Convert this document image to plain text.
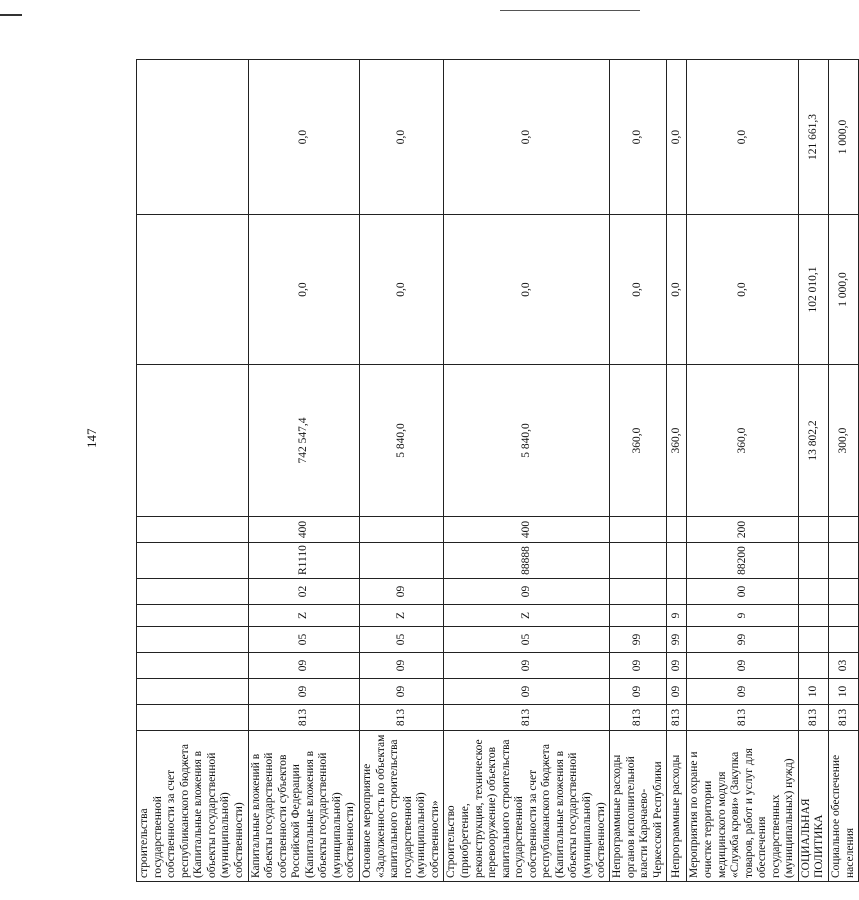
147
строительства государственной собственности за счет республиканского бюджета (Капитальные вложения в объекты государственной (муниципальной) собственности)											
Капитальные вложений в объекты государственной собственности субъектов Российской Федерации (Капитальные вложения в объекты государственной (муниципальной) собственности)	813	09	09	05	Z	02	R1110	400	742 547,4	0,0	0,0
Основное мероприятие «Задолженность по объектам капитального строительства государственной (муниципальной) собственности»	813	09	09	05	Z	09			5 840,0	0,0	0,0
Строительство (приобретение, реконструкция, техническое перевооружение) объектов капитального строительства государственной собственности за счет республиканского бюджета (Капитальные вложения в объекты государственной (муниципальной) собственности)	813	09	09	05	Z	09	88888	400	5 840,0	0,0	0,0
Непрограммные расходы органов исполнительной власти Карачаево-Черкесской Республики	813	09	09	99					360,0	0,0	0,0
Непрограммные расходы	813	09	09	99	9				360,0	0,0	0,0
Мероприятия по охране и очистке территории медицинского модуля «Служба крови» (Закупка товаров, работ и услуг для обеспечения государственных (муниципальных) нужд)	813	09	09	99	9	00	88200	200	360,0	0,0	0,0
СОЦИАЛЬНАЯ ПОЛИТИКА	813	10							13 802,2	102 010,1	121 661,3
Социальное обеспечение населения	813	10	03						300,0	1 000,0	1 000,0
